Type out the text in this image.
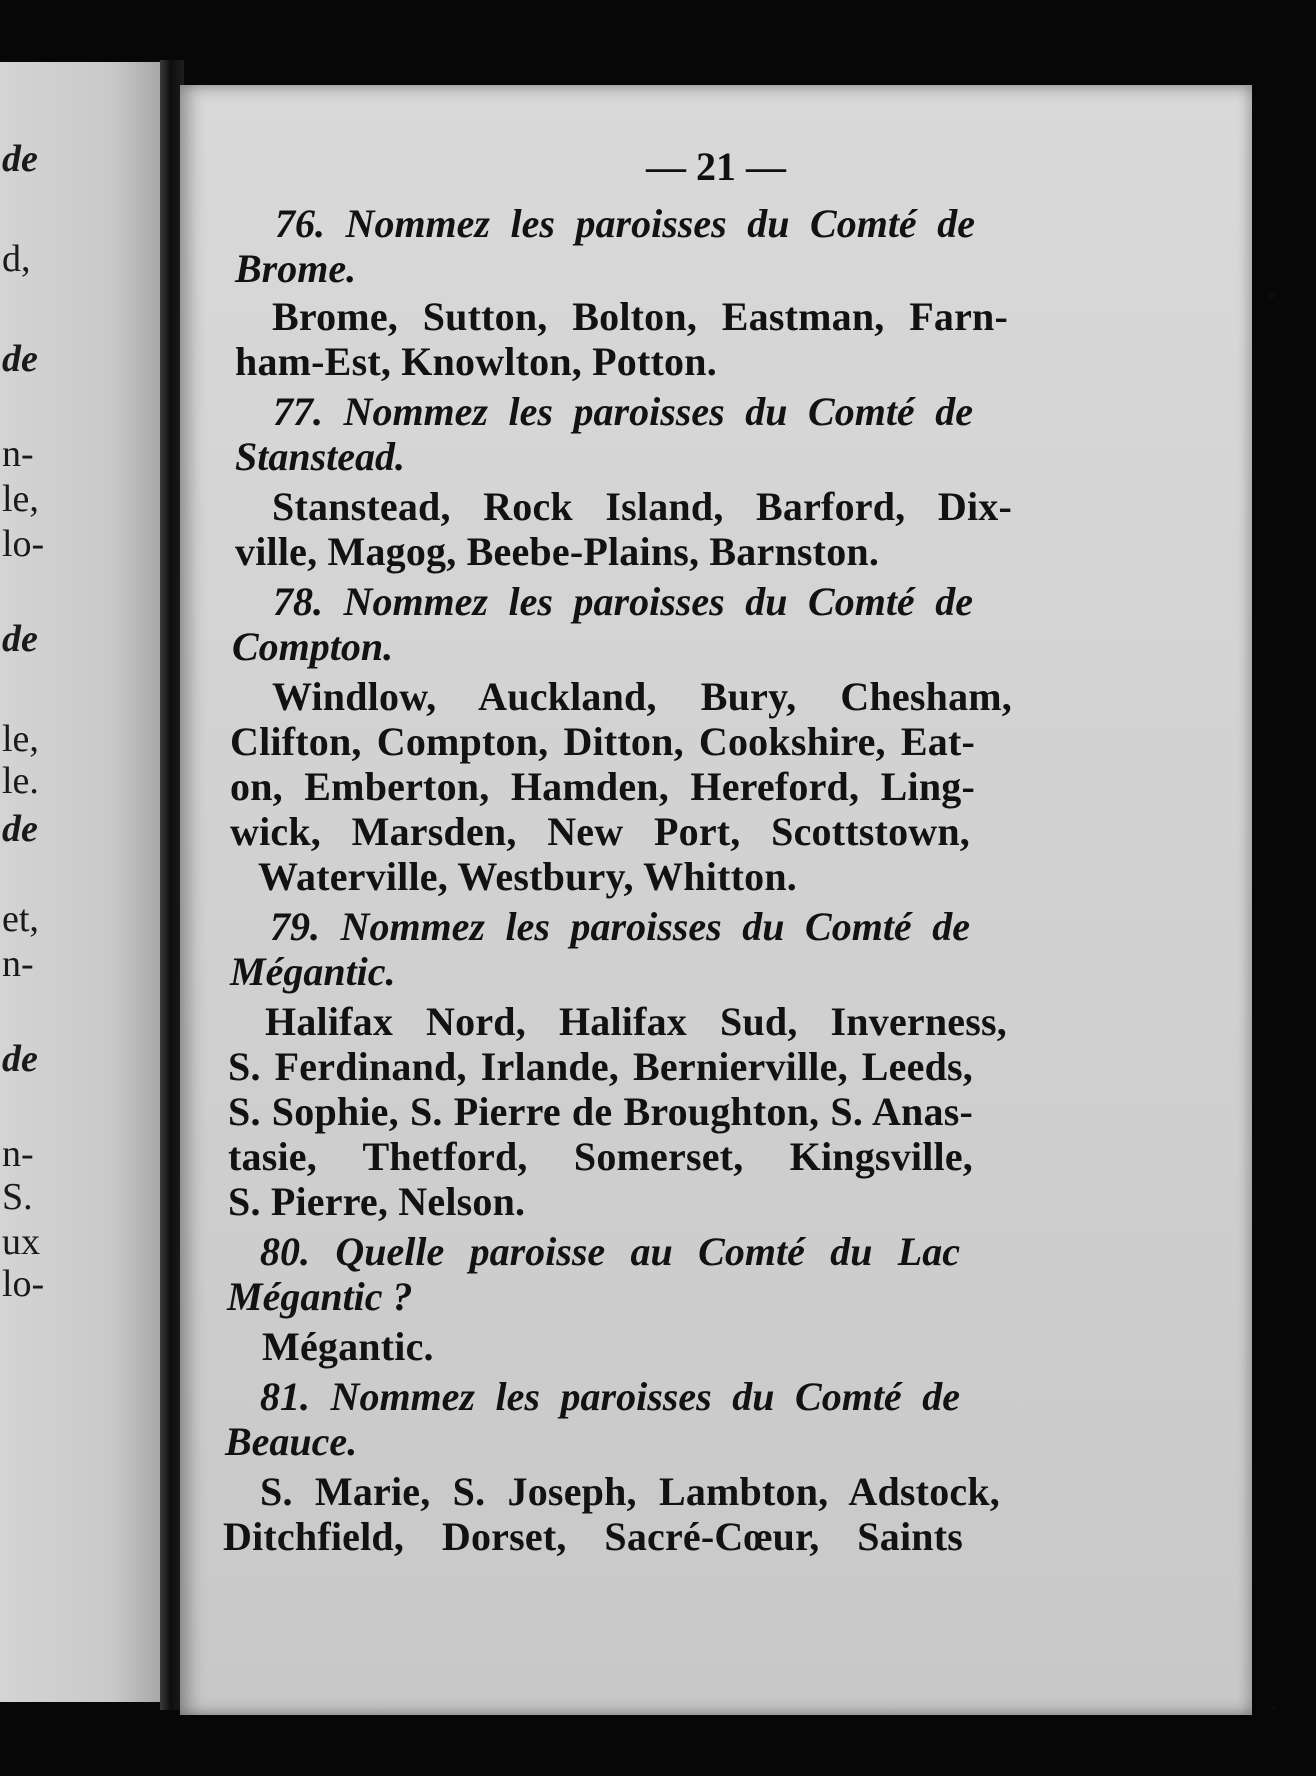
de
d,
de
n-
le,
lo-
de
le,
le.
de
et,
n-
de
n-
S.
ux
lo-
— 21 —
76. Nommez les paroisses du Comté de
Brome.
Brome, Sutton, Bolton, Eastman, Farn-
ham-Est, Knowlton, Potton.
77. Nommez les paroisses du Comté de
Stanstead.
Stanstead, Rock Island, Barford, Dix-
ville, Magog, Beebe-Plains, Barnston.
78. Nommez les paroisses du Comté de
Compton.
Windlow, Auckland, Bury, Chesham,
Clifton, Compton, Ditton, Cookshire, Eat-
on, Emberton, Hamden, Hereford, Ling-
wick, Marsden, New Port, Scottstown,
Waterville, Westbury, Whitton.
79. Nommez les paroisses du Comté de
Mégantic.
Halifax Nord, Halifax Sud, Inverness,
S. Ferdinand, Irlande, Bernierville, Leeds,
S. Sophie, S. Pierre de Broughton, S. Anas-
tasie, Thetford, Somerset, Kingsville,
S. Pierre, Nelson.
80. Quelle paroisse au Comté du Lac
Mégantic ?
Mégantic.
81. Nommez les paroisses du Comté de
Beauce.
S. Marie, S. Joseph, Lambton, Adstock,
Ditchfield, Dorset, Sacré-Cœur, Saints
